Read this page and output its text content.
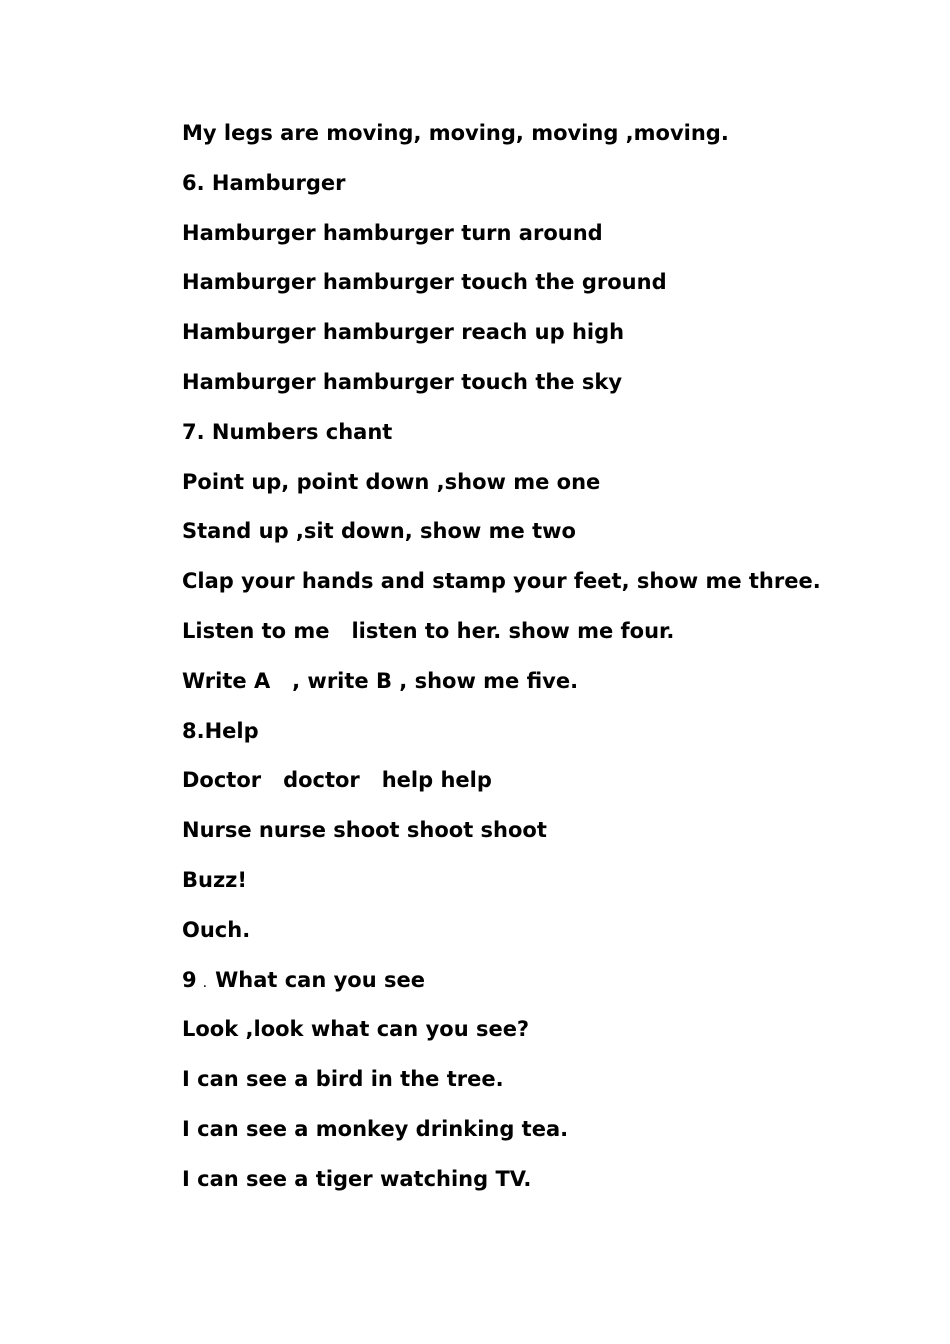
My legs are moving, moving, moving ,moving.
6. Hamburger
Hamburger hamburger turn around
Hamburger hamburger touch the ground
Hamburger hamburger reach up high
Hamburger hamburger touch the sky
7. Numbers chant
Point up, point down ,show me one
Stand up ,sit down, show me two
Clap your hands and stamp your feet, show me three.
Listen to me   listen to her. show me four.
Write A   , write B , show me five.
8.Help
Doctor   doctor   help help
Nurse nurse shoot shoot shoot
Buzz!
Ouch.
9 . What can you see
Look ,look what can you see?
I can see a bird in the tree.
I can see a monkey drinking tea.
I can see a tiger watching TV.
